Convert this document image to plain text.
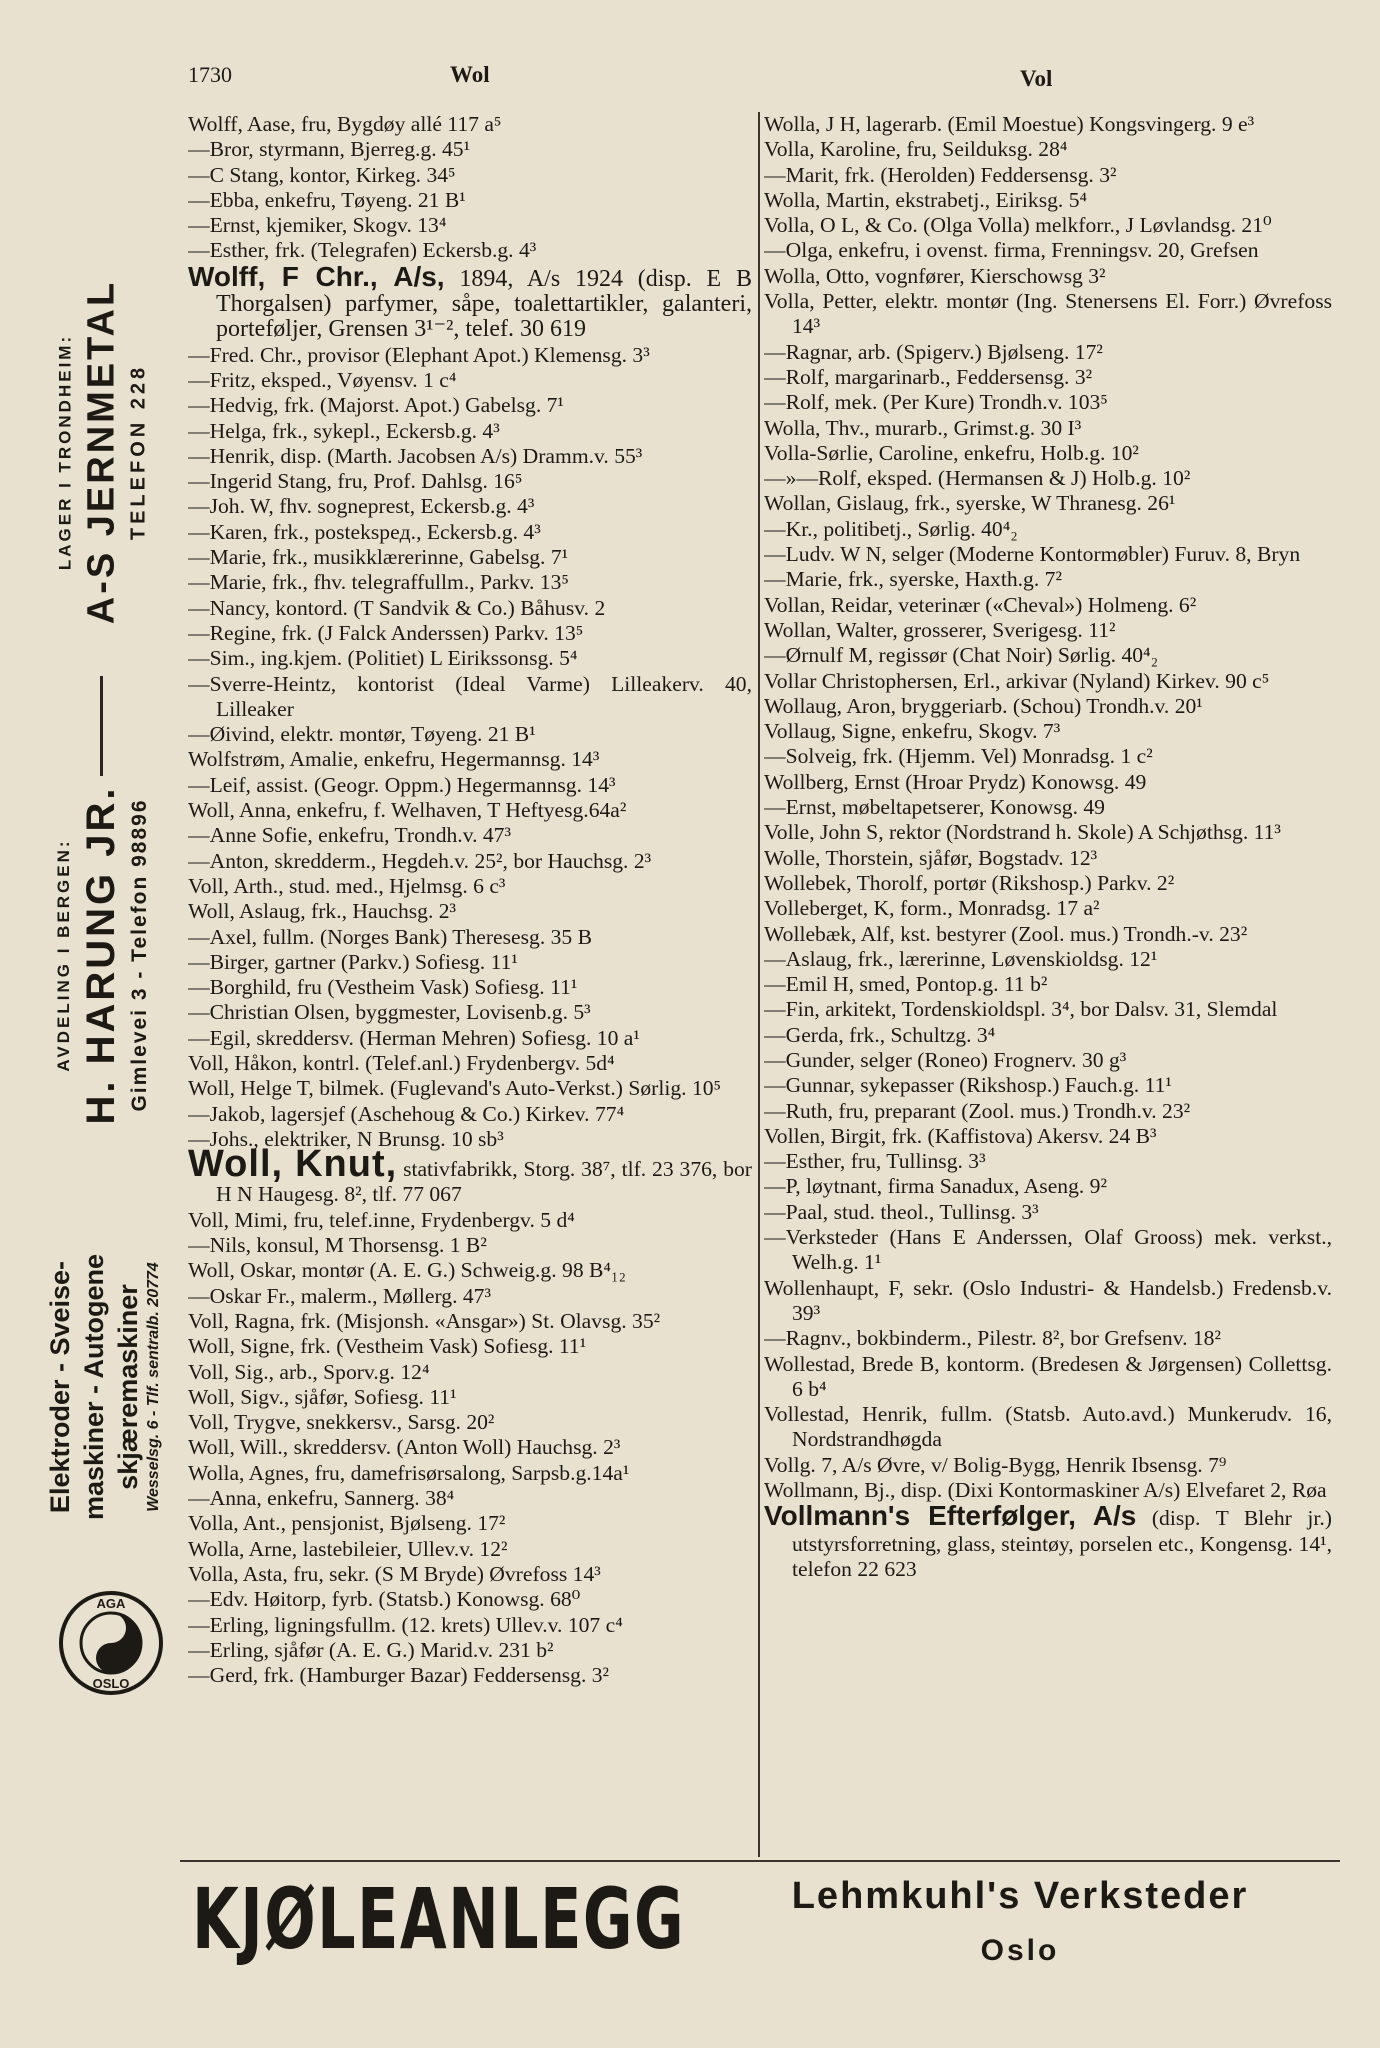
1730	Wol	Vol
LAGER I TRONDHEIM: A-S JERNMETAL TELEFON 228
AVDELING I BERGEN: H. HARUNG JR. Gimlevei 3 - Telefon 98896
Elektroder - Sveise- maskiner - Autogene skjæremaskiner Wesselsg. 6 - Tlf. sentralb. 20774
AGA
OSLO

Wolff, Aase, fru, Bygdøy allé 117 a⁵

—Bror, styrmann, Bjerreg.g. 45¹

—C Stang, kontor, Kirkeg. 34⁵

—Ebba, enkefru, Tøyeng. 21 B¹

—Ernst, kjemiker, Skogv. 13⁴

—Esther, frk. (Telegrafen) Eckersb.g. 4³

Wolff, F Chr., A/s, 1894, A/s 1924 (disp. E B Thorgalsen) parfymer, såpe, toalettartikler, galanteri, porteføljer, Grensen 3¹⁻², telef. 30 619

—Fred. Chr., provisor (Elephant Apot.) Klemensg. 3³

—Fritz, eksped., Vøyensv. 1 c⁴

—Hedvig, frk. (Majorst. Apot.) Gabelsg. 7¹

—Helga, frk., sykepl., Eckersb.g. 4³

—Henrik, disp. (Marth. Jacobsen A/s) Dramm.v. 55³

—Ingerid Stang, fru, Prof. Dahlsg. 16⁵

—Joh. W, fhv. sogneprest, Eckersb.g. 4³

—Karen, frk., postekspeд., Eckersb.g. 4³

—Marie, frk., musikklærerinne, Gabelsg. 7¹

—Marie, frk., fhv. telegraffullm., Parkv. 13⁵

—Nancy, kontord. (T Sandvik & Co.) Båhusv. 2

—Regine, frk. (J Falck Anderssen) Parkv. 13⁵

—Sim., ing.kjem. (Politiet) L Eirikssonsg. 5⁴

—Sverre-Heintz, kontorist (Ideal Varme) Lilleakerv. 40, Lilleaker

—Øivind, elektr. montør, Tøyeng. 21 B¹

Wolfstrøm, Amalie, enkefru, Hegermannsg. 14³

—Leif, assist. (Geogr. Oppm.) Hegermannsg. 14³

Woll, Anna, enkefru, f. Welhaven, T Heftyesg.64a²

—Anne Sofie, enkefru, Trondh.v. 47³

—Anton, skredderm., Hegdeh.v. 25², bor Hauchsg. 2³

Voll, Arth., stud. med., Hjelmsg. 6 c³

Woll, Aslaug, frk., Hauchsg. 2³

—Axel, fullm. (Norges Bank) Theresesg. 35 B

—Birger, gartner (Parkv.) Sofiesg. 11¹

—Borghild, fru (Vestheim Vask) Sofiesg. 11¹

—Christian Olsen, byggmester, Lovisenb.g. 5³

—Egil, skreddersv. (Herman Mehren) Sofiesg. 10 a¹

Voll, Håkon, kontrl. (Telef.anl.) Frydenbergv. 5d⁴

Woll, Helge T, bilmek. (Fuglevand's Auto-Verkst.) Sørlig. 10⁵

—Jakob, lagersjef (Aschehoug & Co.) Kirkev. 77⁴

—Johs., elektriker, N Brunsg. 10 sb³

Woll, Knut, stativfabrikk, Storg. 38⁷, tlf. 23 376, bor H N Haugesg. 8², tlf. 77 067

Voll, Mimi, fru, telef.inne, Frydenbergv. 5 d⁴

—Nils, konsul, M Thorsensg. 1 B²

Woll, Oskar, montør (A. E. G.) Schweig.g. 98 B⁴₁₂

—Oskar Fr., malerm., Møllerg. 47³

Voll, Ragna, frk. (Misjonsh. «Ansgar») St. Olavsg. 35²

Woll, Signe, frk. (Vestheim Vask) Sofiesg. 11¹

Voll, Sig., arb., Sporv.g. 12⁴

Woll, Sigv., sjåfør, Sofiesg. 11¹

Voll, Trygve, snekkersv., Sarsg. 20²

Woll, Will., skreddersv. (Anton Woll) Hauchsg. 2³

Wolla, Agnes, fru, damefrisørsalong, Sarpsb.g.14a¹

—Anna, enkefru, Sannerg. 38⁴

Volla, Ant., pensjonist, Bjølseng. 17²

Wolla, Arne, lastebileier, Ullev.v. 12²

Volla, Asta, fru, sekr. (S M Bryde) Øvrefoss 14³

—Edv. Høitorp, fyrb. (Statsb.) Konowsg. 68⁰

—Erling, ligningsfullm. (12. krets) Ullev.v. 107 c⁴

—Erling, sjåfør (A. E. G.) Marid.v. 231 b²

—Gerd, frk. (Hamburger Bazar) Feddersensg. 3²

Wolla, J H, lagerarb. (Emil Moestue) Kongsvingerg. 9 e³

Volla, Karoline, fru, Seilduksg. 28⁴

—Marit, frk. (Herolden) Feddersensg. 3²

Wolla, Martin, ekstrabetj., Eiriksg. 5⁴

Volla, O L, & Co. (Olga Volla) melkforr., J Løvlandsg. 21⁰

—Olga, enkefru, i ovenst. firma, Frenningsv. 20, Grefsen

Wolla, Otto, vognfører, Kierschowsg 3²

Volla, Petter, elektr. montør (Ing. Stenersens El. Forr.) Øvrefoss 14³

—Ragnar, arb. (Spigerv.) Bjølseng. 17²

—Rolf, margarinarb., Feddersensg. 3²

—Rolf, mek. (Per Kure) Trondh.v. 103⁵

Wolla, Thv., murarb., Grimst.g. 30 I³

Volla-Sørlie, Caroline, enkefru, Holb.g. 10²

—»—Rolf, eksped. (Hermansen & J) Holb.g. 10²

Wollan, Gislaug, frk., syerske, W Thranesg. 26¹

—Kr., politibetj., Sørlig. 40⁴₂

—Ludv. W N, selger (Moderne Kontormøbler) Furuv. 8, Bryn

—Marie, frk., syerske, Haxth.g. 7²

Vollan, Reidar, veterinær («Cheval») Holmeng. 6²

Wollan, Walter, grosserer, Sverigesg. 11²

—Ørnulf M, regissør (Chat Noir) Sørlig. 40⁴₂

Vollar Christophersen, Erl., arkivar (Nyland) Kirkev. 90 c⁵

Wollaug, Aron, bryggeriarb. (Schou) Trondh.v. 20¹

Vollaug, Signe, enkefru, Skogv. 7³

—Solveig, frk. (Hjemm. Vel) Monradsg. 1 c²

Wollberg, Ernst (Hroar Prydz) Konowsg. 49

—Ernst, møbeltapetserer, Konowsg. 49

Volle, John S, rektor (Nordstrand h. Skole) A Schjøthsg. 11³

Wolle, Thorstein, sjåfør, Bogstadv. 12³

Wollebek, Thorolf, portør (Rikshosp.) Parkv. 2²

Volleberget, K, form., Monradsg. 17 a²

Wollebæk, Alf, kst. bestyrer (Zool. mus.) Trondh.-v. 23²

—Aslaug, frk., lærerinne, Løvenskioldsg. 12¹

—Emil H, smed, Pontop.g. 11 b²

—Fin, arkitekt, Tordenskioldspl. 3⁴, bor Dalsv. 31, Slemdal

—Gerda, frk., Schultzg. 3⁴

—Gunder, selger (Roneo) Frognerv. 30 g³

—Gunnar, sykepasser (Rikshosp.) Fauch.g. 11¹

—Ruth, fru, preparant (Zool. mus.) Trondh.v. 23²

Vollen, Birgit, frk. (Kaffistova) Akersv. 24 B³

—Esther, fru, Tullinsg. 3³

—P, løytnant, firma Sanadux, Aseng. 9²

—Paal, stud. theol., Tullinsg. 3³

—Verksteder (Hans E Anderssen, Olaf Grooss) mek. verkst., Welh.g. 1¹

Wollenhaupt, F, sekr. (Oslo Industri- & Handelsb.) Fredensb.v. 39³

—Ragnv., bokbinderm., Pilestr. 8², bor Grefsenv. 18²

Wollestad, Brede B, kontorm. (Bredesen & Jørgensen) Collettsg. 6 b⁴

Vollestad, Henrik, fullm. (Statsb. Auto.avd.) Munkerudv. 16, Nordstrandhøgda

Vollg. 7, A/s Øvre, v/ Bolig-Bygg, Henrik Ibsensg. 7⁹

Wollmann, Bj., disp. (Dixi Kontormaskiner A/s) Elvefaret 2, Røa

Vollmann's Efterfølger, A/s (disp. T Blehr jr.) utstyrsforretning, glass, steintøy, porselen etc., Kongensg. 14¹, telefon 22 623

KJØLEANLEGG	Lehmkuhl's Verksteder
Oslo
